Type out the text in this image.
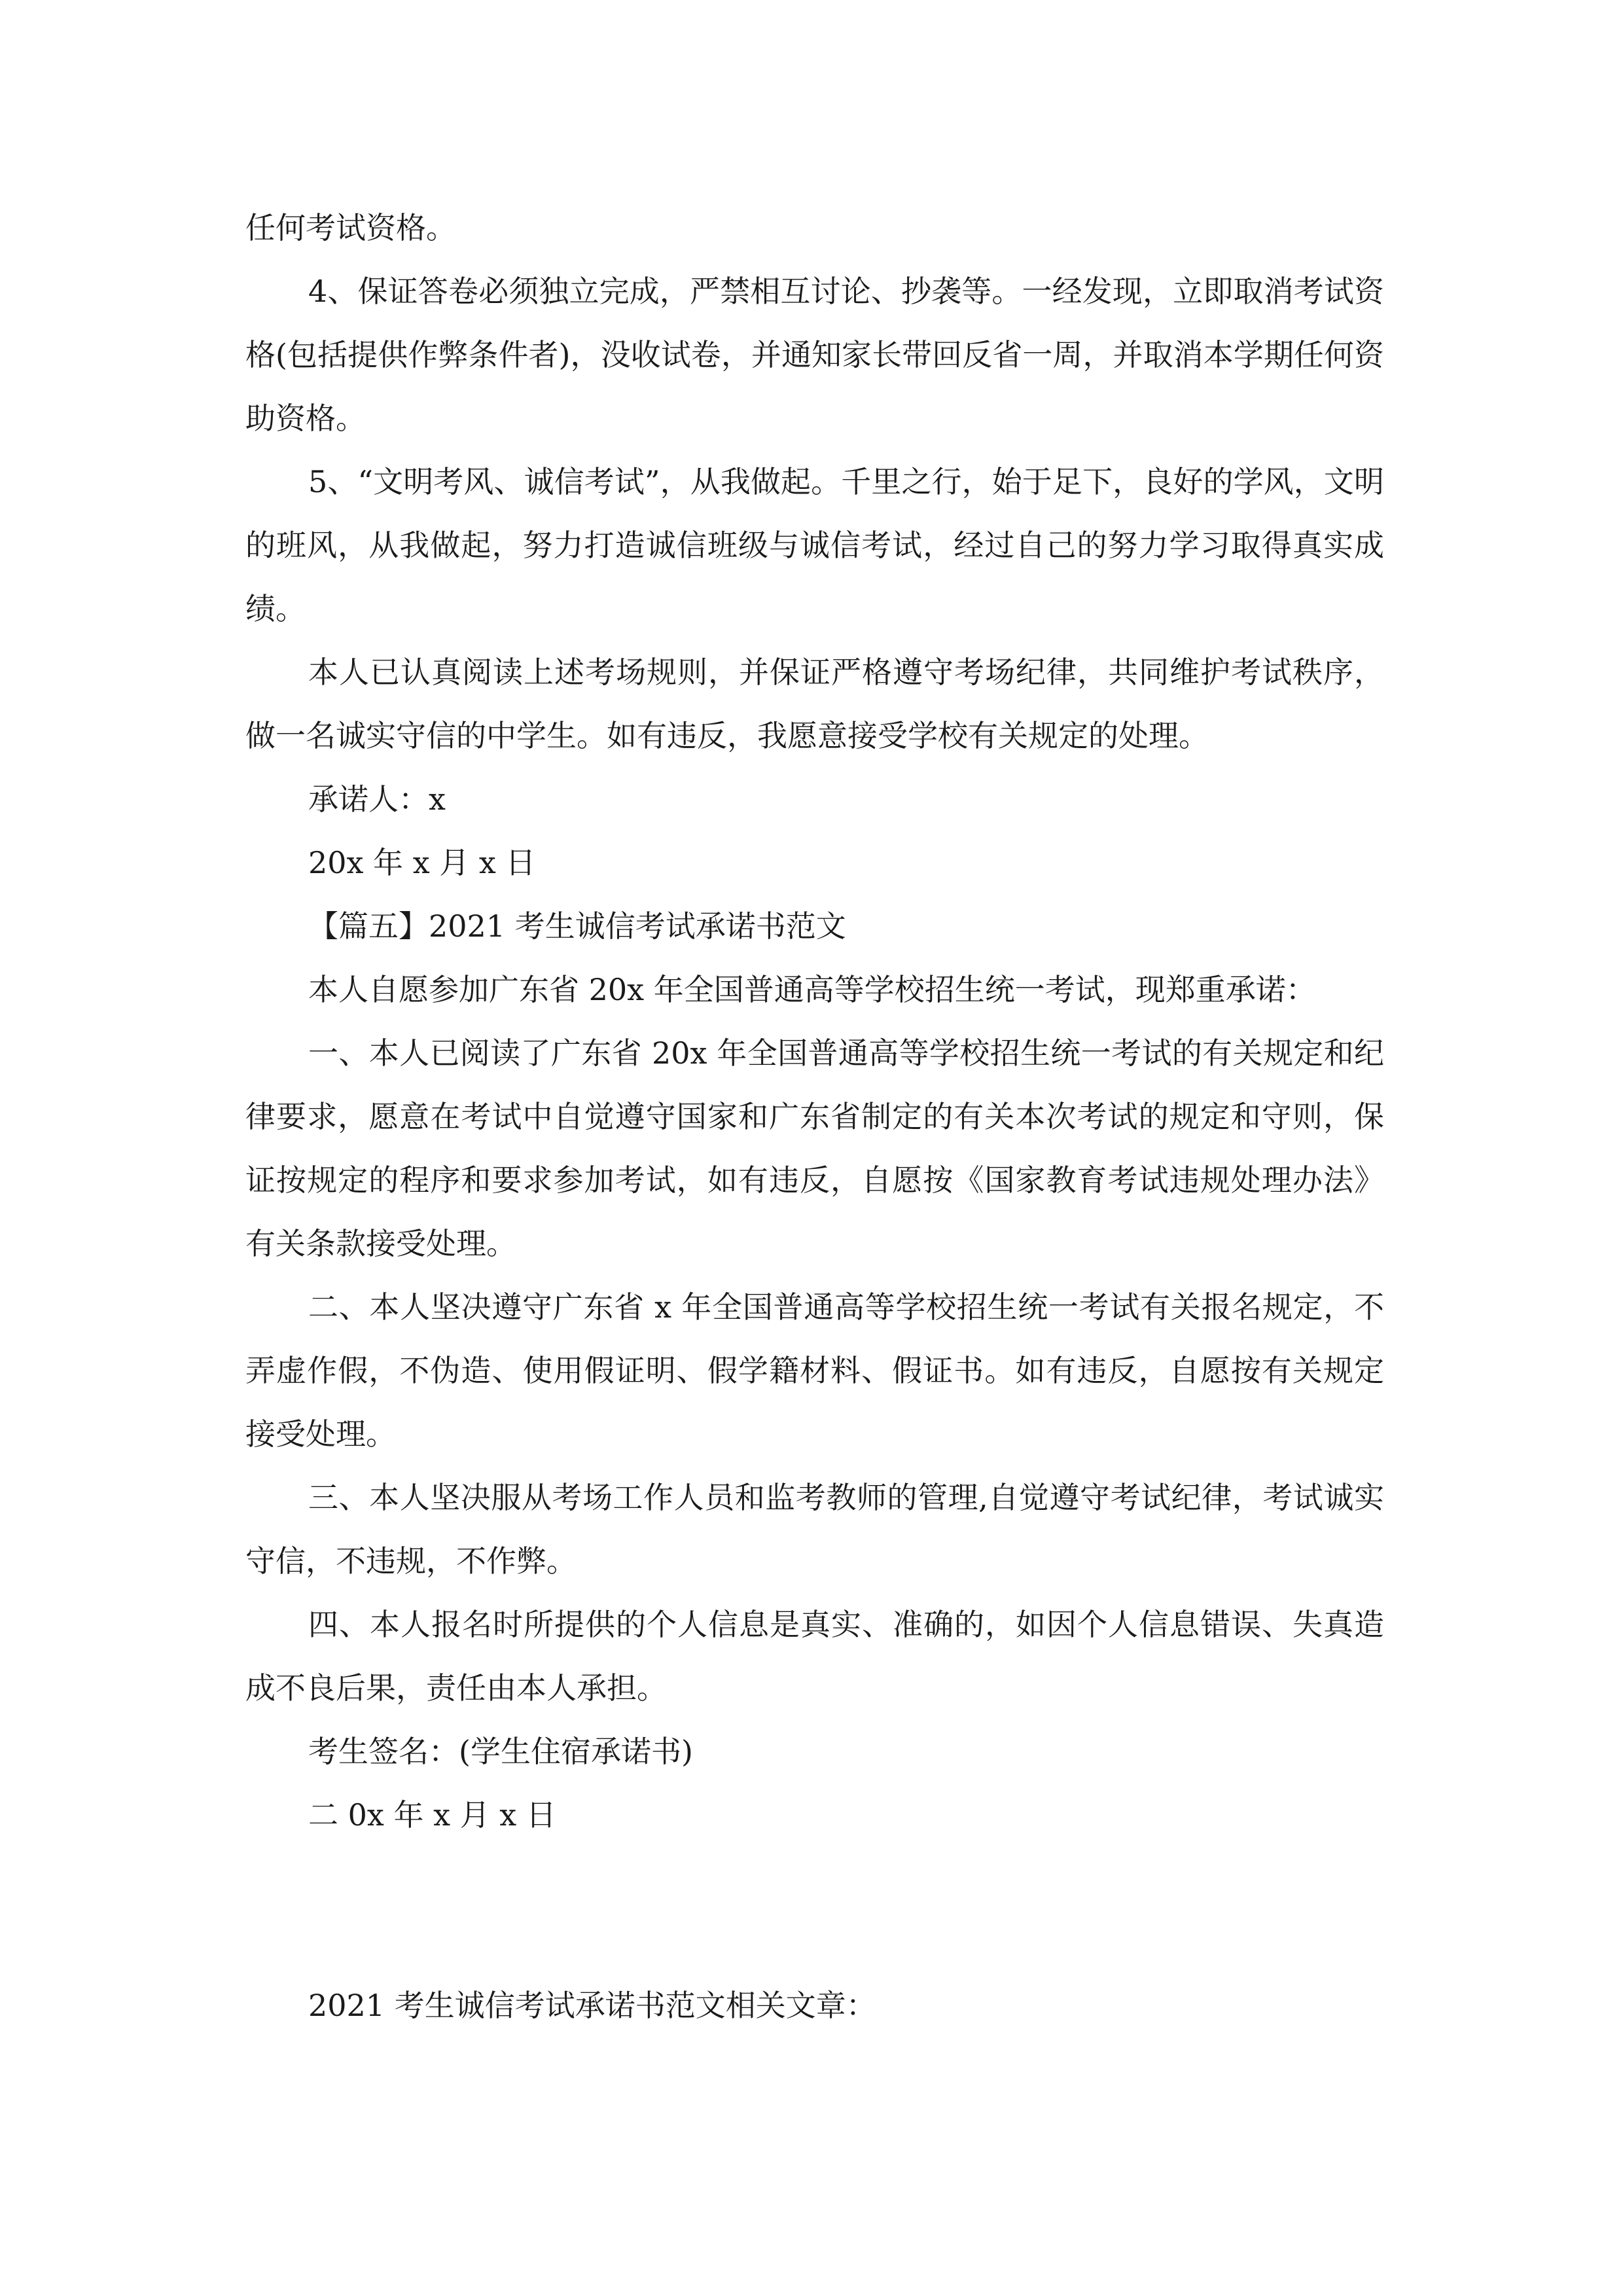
任何考试资格。

4、保证答卷必须独立完成，严禁相互讨论、抄袭等。一经发现，立即取消考试资格(包括提供作弊条件者)，没收试卷，并通知家长带回反省一周，并取消本学期任何资助资格。

5、“文明考风、诚信考试”，从我做起。千里之行，始于足下，良好的学风，文明的班风，从我做起，努力打造诚信班级与诚信考试，经过自己的努力学习取得真实成绩。

本人已认真阅读上述考场规则，并保证严格遵守考场纪律，共同维护考试秩序，做一名诚实守信的中学生。如有违反，我愿意接受学校有关规定的处理。

承诺人：x

20x 年 x 月 x 日

【篇五】2021 考生诚信考试承诺书范文

本人自愿参加广东省 20x 年全国普通高等学校招生统一考试，现郑重承诺：

一、本人已阅读了广东省 20x 年全国普通高等学校招生统一考试的有关规定和纪律要求，愿意在考试中自觉遵守国家和广东省制定的有关本次考试的规定和守则，保证按规定的程序和要求参加考试，如有违反，自愿按《国家教育考试违规处理办法》有关条款接受处理。

二、本人坚决遵守广东省 x 年全国普通高等学校招生统一考试有关报名规定，不弄虚作假，不伪造、使用假证明、假学籍材料、假证书。如有违反，自愿按有关规定接受处理。

三、本人坚决服从考场工作人员和监考教师的管理,自觉遵守考试纪律，考试诚实守信，不违规，不作弊。

四、本人报名时所提供的个人信息是真实、准确的，如因个人信息错误、失真造成不良后果，责任由本人承担。

考生签名：(学生住宿承诺书)

二 0x 年 x 月 x 日

2021 考生诚信考试承诺书范文相关文章：
